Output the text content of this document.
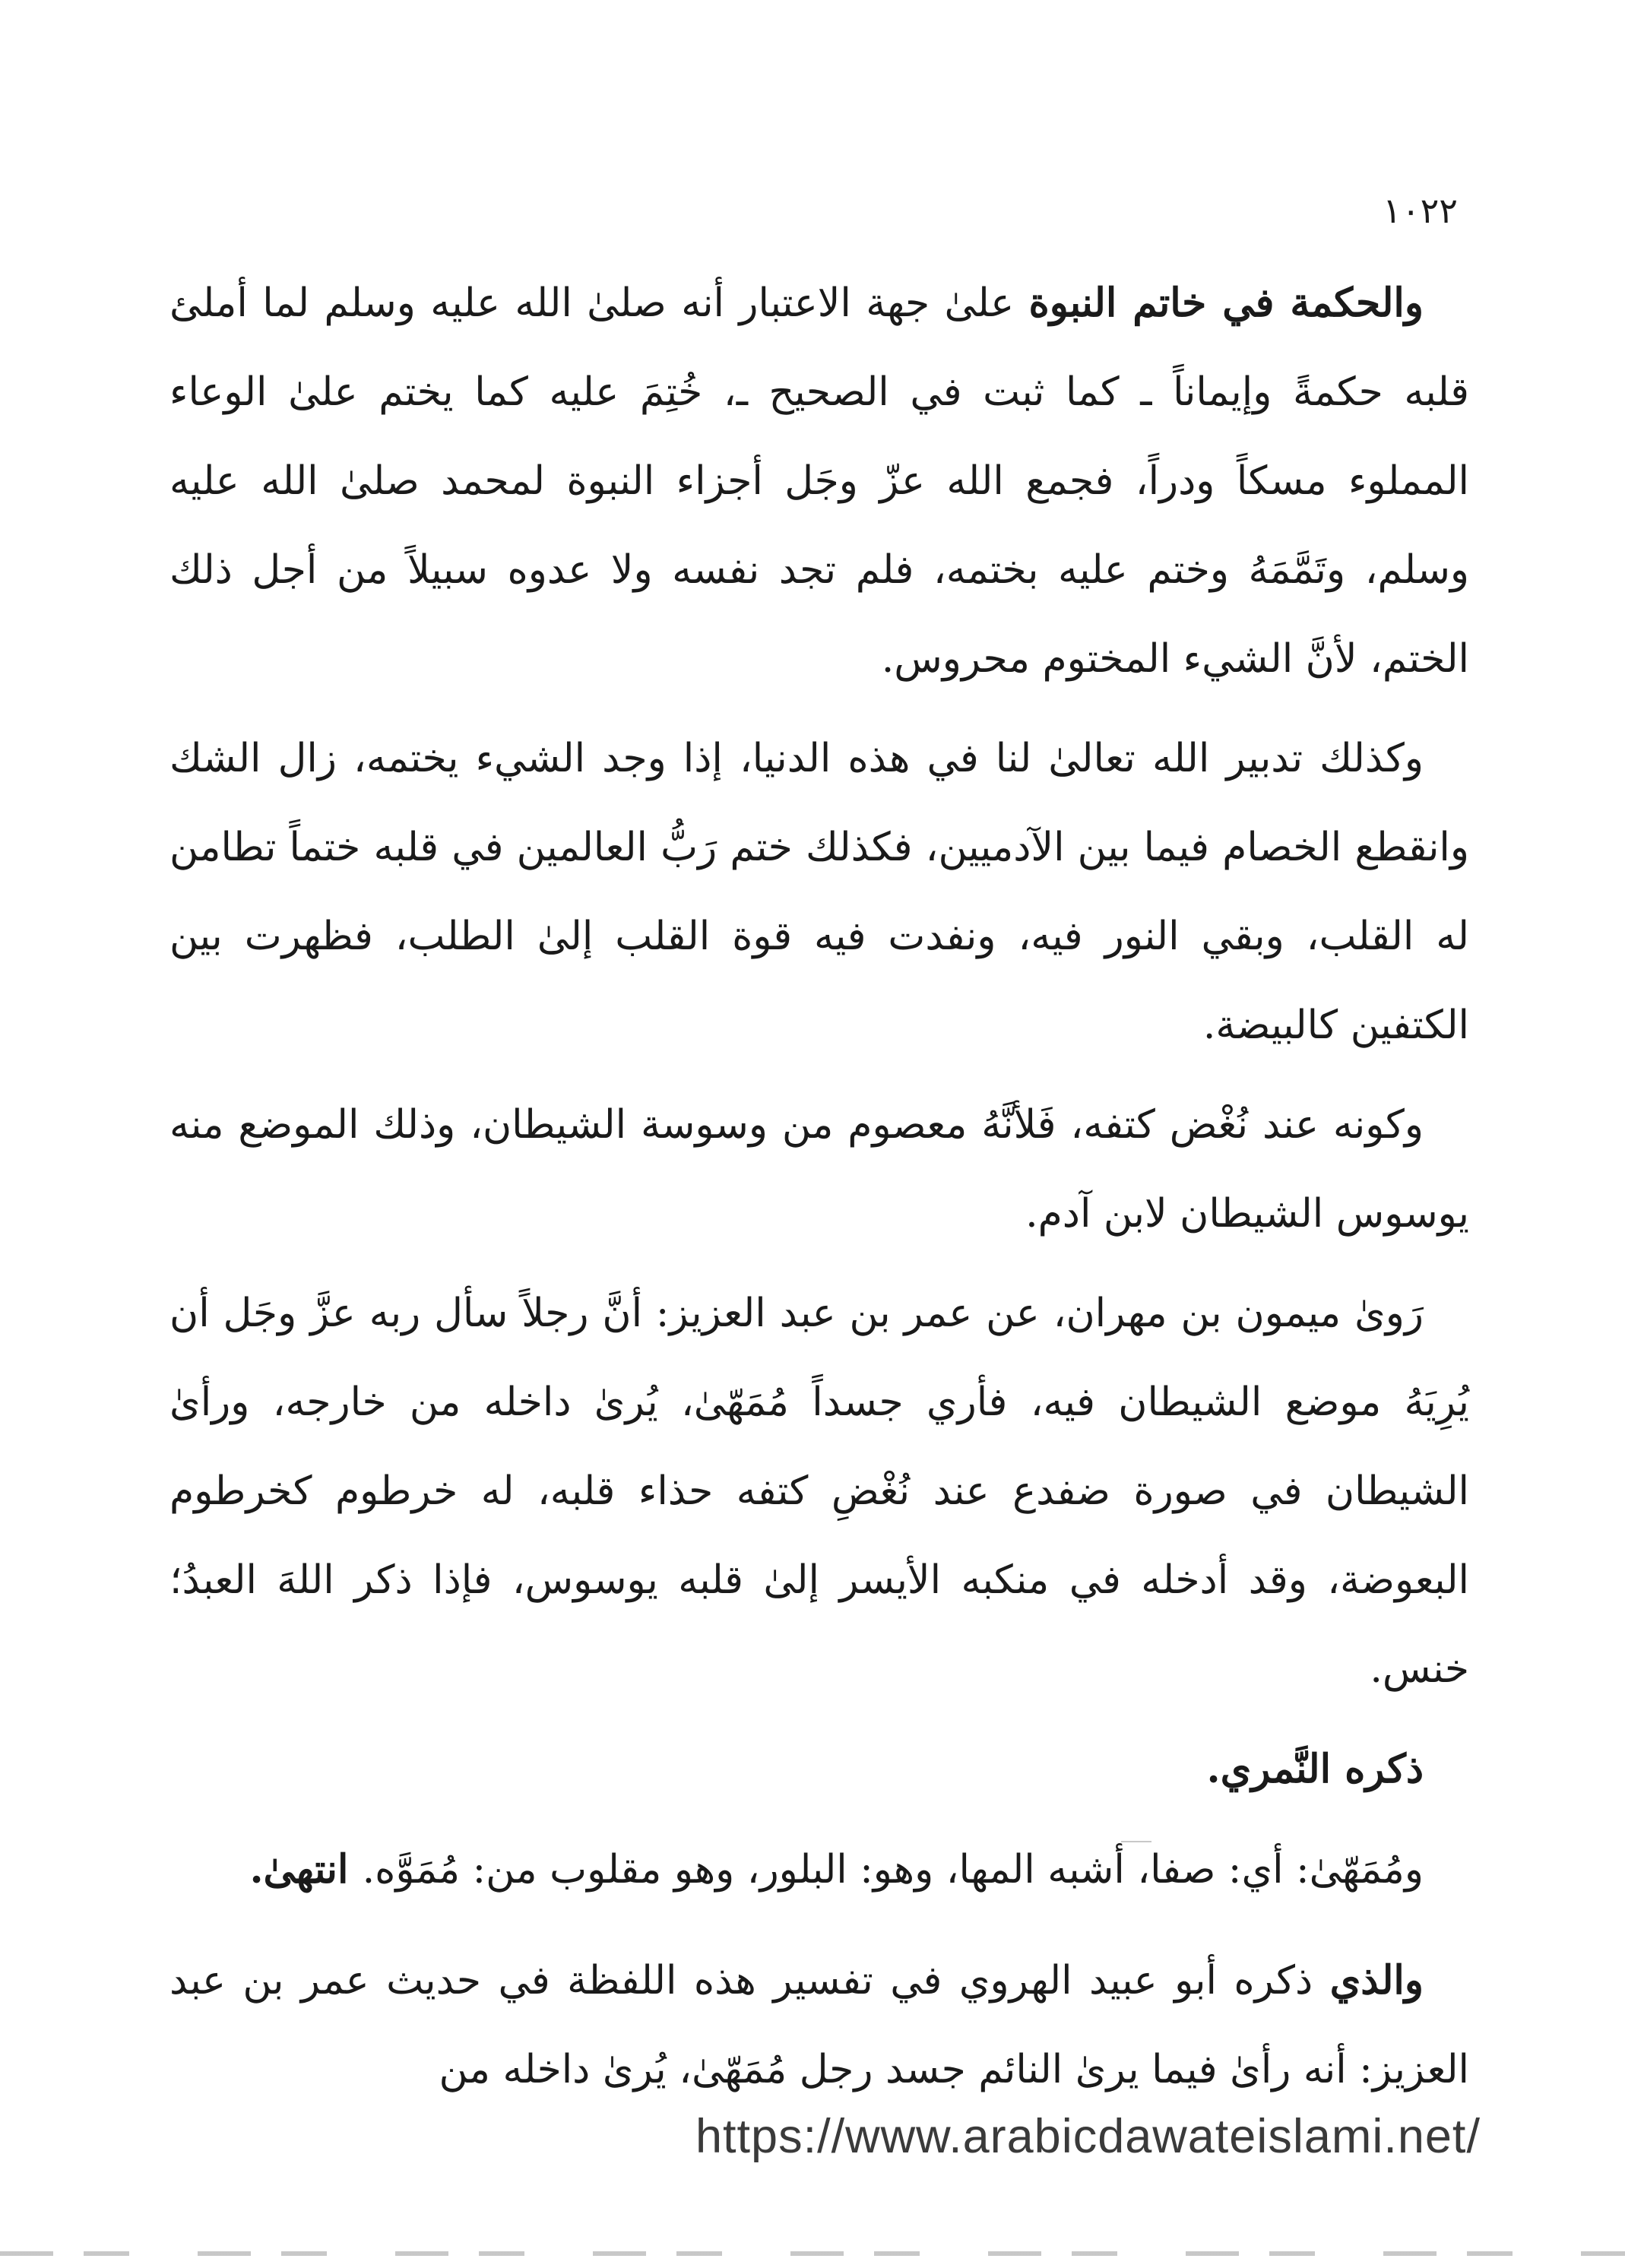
١٠٢٢

والحكمة في خاتم النبوة علىٰ جهة الاعتبار أنه صلىٰ الله عليه وسلم لما أملئ قلبه حكمةً وإيماناً ـ كما ثبت في الصحيح ـ، خُتِمَ عليه كما يختم علىٰ الوعاء المملوء مسكاً ودراً، فجمع الله عزّ وجَل أجزاء النبوة لمحمد صلىٰ الله عليه وسلم، وتَمَّمَهُ وختم عليه بختمه، فلم تجد نفسه ولا عدوه سبيلاً من أجل ذلك الختم، لأنَّ الشيء المختوم محروس.

وكذلك تدبير الله تعالىٰ لنا في هذه الدنيا، إذا وجد الشيء يختمه، زال الشك وانقطع الخصام فيما بين الآدميين، فكذلك ختم رَبُّ العالمين في قلبه ختماً تطامن له القلب، وبقي النور فيه، ونفدت فيه قوة القلب إلىٰ الطلب، فظهرت بين الكتفين كالبيضة.

وكونه عند نُغْض كتفه، فَلأنَّهُ معصوم من وسوسة الشيطان، وذلك الموضع منه يوسوس الشيطان لابن آدم.

رَوىٰ ميمون بن مهران، عن عمر بن عبد العزيز: أنَّ رجلاً سأل ربه عزَّ وجَل أن يُرِيَهُ موضع الشيطان فيه، فأري جسداً مُمَهّىٰ، يُرىٰ داخله من خارجه، ورأىٰ الشيطان في صورة ضفدع عند نُغْضِ كتفه حذاء قلبه، له خرطوم كخرطوم البعوضة، وقد أدخله في منكبه الأيسر إلىٰ قلبه يوسوس، فإذا ذكر اللهَ العبدُ؛ خنس.

ذكره النَّمري.

ومُمَهّىٰ: أي: صفا، أشبه المها، وهو: البلور، وهو مقلوب من: مُمَوَّه. انتهىٰ.

والذي ذكره أبو عبيد الهروي في تفسير هذه اللفظة في حديث عمر بن عبد العزيز: أنه رأىٰ فيما يرىٰ النائم جسد رجل مُمَهّىٰ، يُرىٰ داخله من

https://www.arabicdawateislami.net/
